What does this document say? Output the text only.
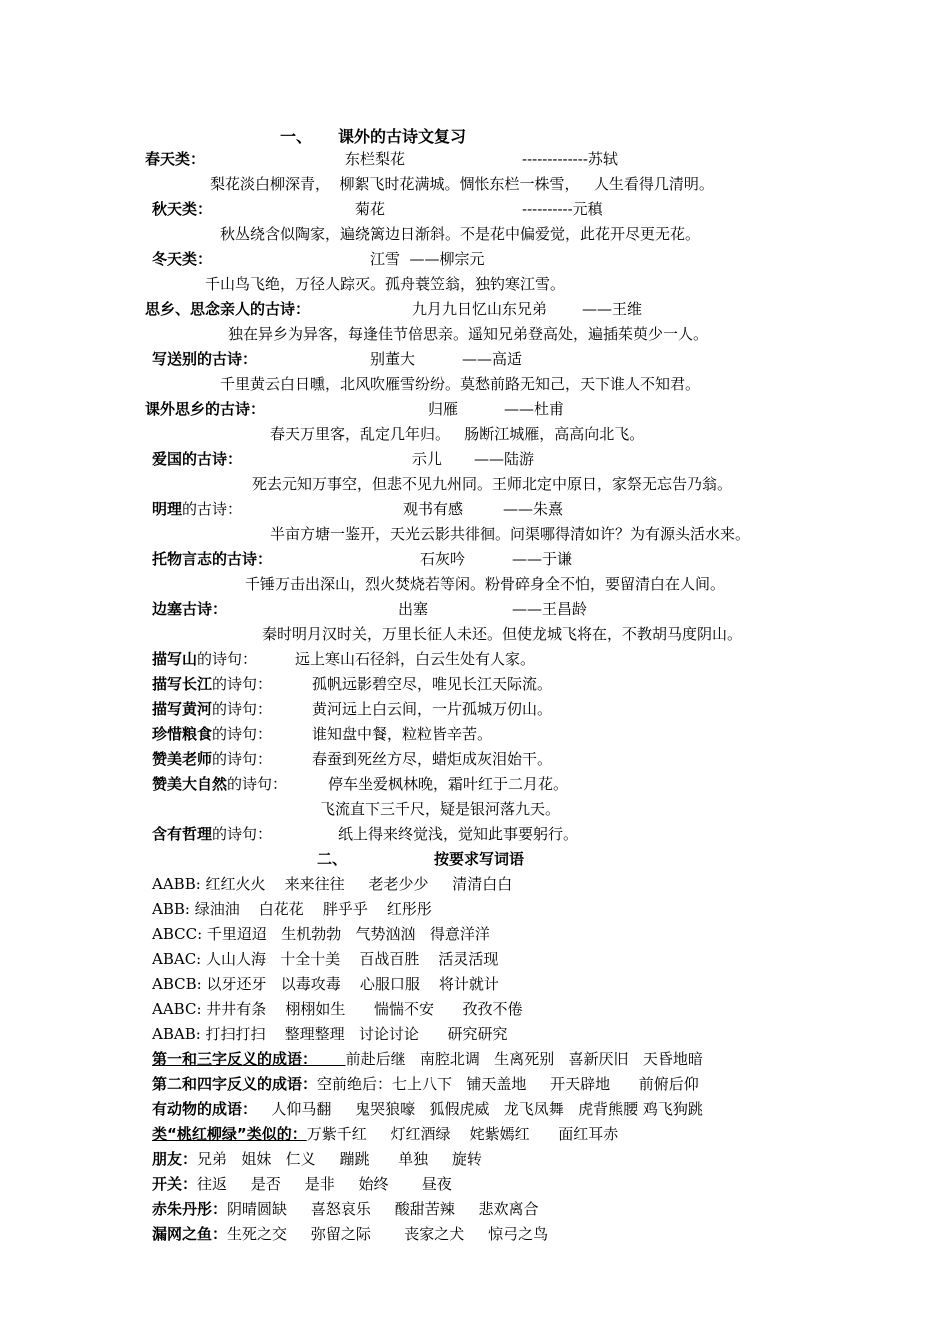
一、 课外的古诗文复习
春天类：	东栏梨花	-------------苏轼
梨花淡白柳深青，  柳絮飞时花满城。惆怅东栏一株雪，   人生看得几清明。
秋天类：	菊花	----------元稹
秋丛绕含似陶家，遍绕篱边日渐斜。不是花中偏爱觉，此花开尽更无花。
冬天类：	江雪  ——柳宗元
千山鸟飞绝，万径人踪灭。孤舟蓑笠翁，独钓寒江雪。
思乡、思念亲人的古诗：	九月九日忆山东兄弟 ——王维
独在异乡为异客，每逢佳节倍思亲。遥知兄弟登高处，遍插茱萸少一人。
写送别的古诗：	别董大	——高适
千里黄云白日曛，北风吹雁雪纷纷。莫愁前路无知己，天下谁人不知君。
课外思乡的古诗：	归雁	——杜甫
春天万里客，乱定几年归。   肠断江城雁，高高向北飞。
爱国的古诗：	示儿 ——陆游
死去元知万事空，但悲不见九州同。王师北定中原日，家祭无忘告乃翁。
明理的古诗：	观书有感	——朱熹
半亩方塘一鉴开，天光云影共徘徊。问渠哪得清如许？为有源头活水来。
托物言志的古诗：	石灰吟	——于谦
千锤万击出深山，烈火焚烧若等闲。粉骨碎身全不怕，要留清白在人间。
边塞古诗：	出塞	——王昌龄
秦时明月汉时关，万里长征人未还。但使龙城飞将在，不教胡马度阴山。
描写山的诗句：	远上寒山石径斜，白云生处有人家。
描写长江的诗句：	孤帆远影碧空尽，唯见长江天际流。
描写黄河的诗句：	黄河远上白云间，一片孤城万仞山。
珍惜粮食的诗句：	谁知盘中餐，粒粒皆辛苦。
赞美老师的诗句：	春蚕到死丝方尽，蜡炬成灰泪始干。
赞美大自然的诗句：	停车坐爱枫林晚，霜叶红于二月花。
飞流直下三千尺，疑是银河落九天。
含有哲理的诗句：	纸上得来终觉浅，觉知此事要躬行。
二、	按要求写词语
AABB: 红红火火    来来往往     老老少少     清清白白
ABB: 绿油油    白花花    胖乎乎    红彤彤
ABCC: 千里迢迢   生机勃勃   气势汹汹   得意洋洋
ABAC: 人山人海   十全十美    百战百胜    活灵活现
ABCB: 以牙还牙   以毒攻毒    心服口服    将计就计
AABC: 井井有条    栩栩如生      惴惴不安      孜孜不倦
ABAB: 打扫打扫    整理整理   讨论讨论      研究研究
第一和三字反义的成语： 前赴后继   南腔北调   生离死别   喜新厌旧   天昏地暗
第二和四字反义的成语：空前绝后：七上八下   铺天盖地     开天辟地      前俯后仰
有动物的成语： 人仰马翻     鬼哭狼嚎   狐假虎威   龙飞凤舞   虎背熊腰 鸡飞狗跳
类“桃红柳绿”类似的：万紫千红     灯红酒绿    姹紫嫣红      面红耳赤
朋友：兄弟   姐妹   仁义     蹦跳      单独     旋转
开关：往返     是否     是非     始终       昼夜
赤朱丹彤：阴晴圆缺     喜怒哀乐     酸甜苦辣     悲欢离合
漏网之鱼：生死之交     弥留之际       丧家之犬     惊弓之鸟
